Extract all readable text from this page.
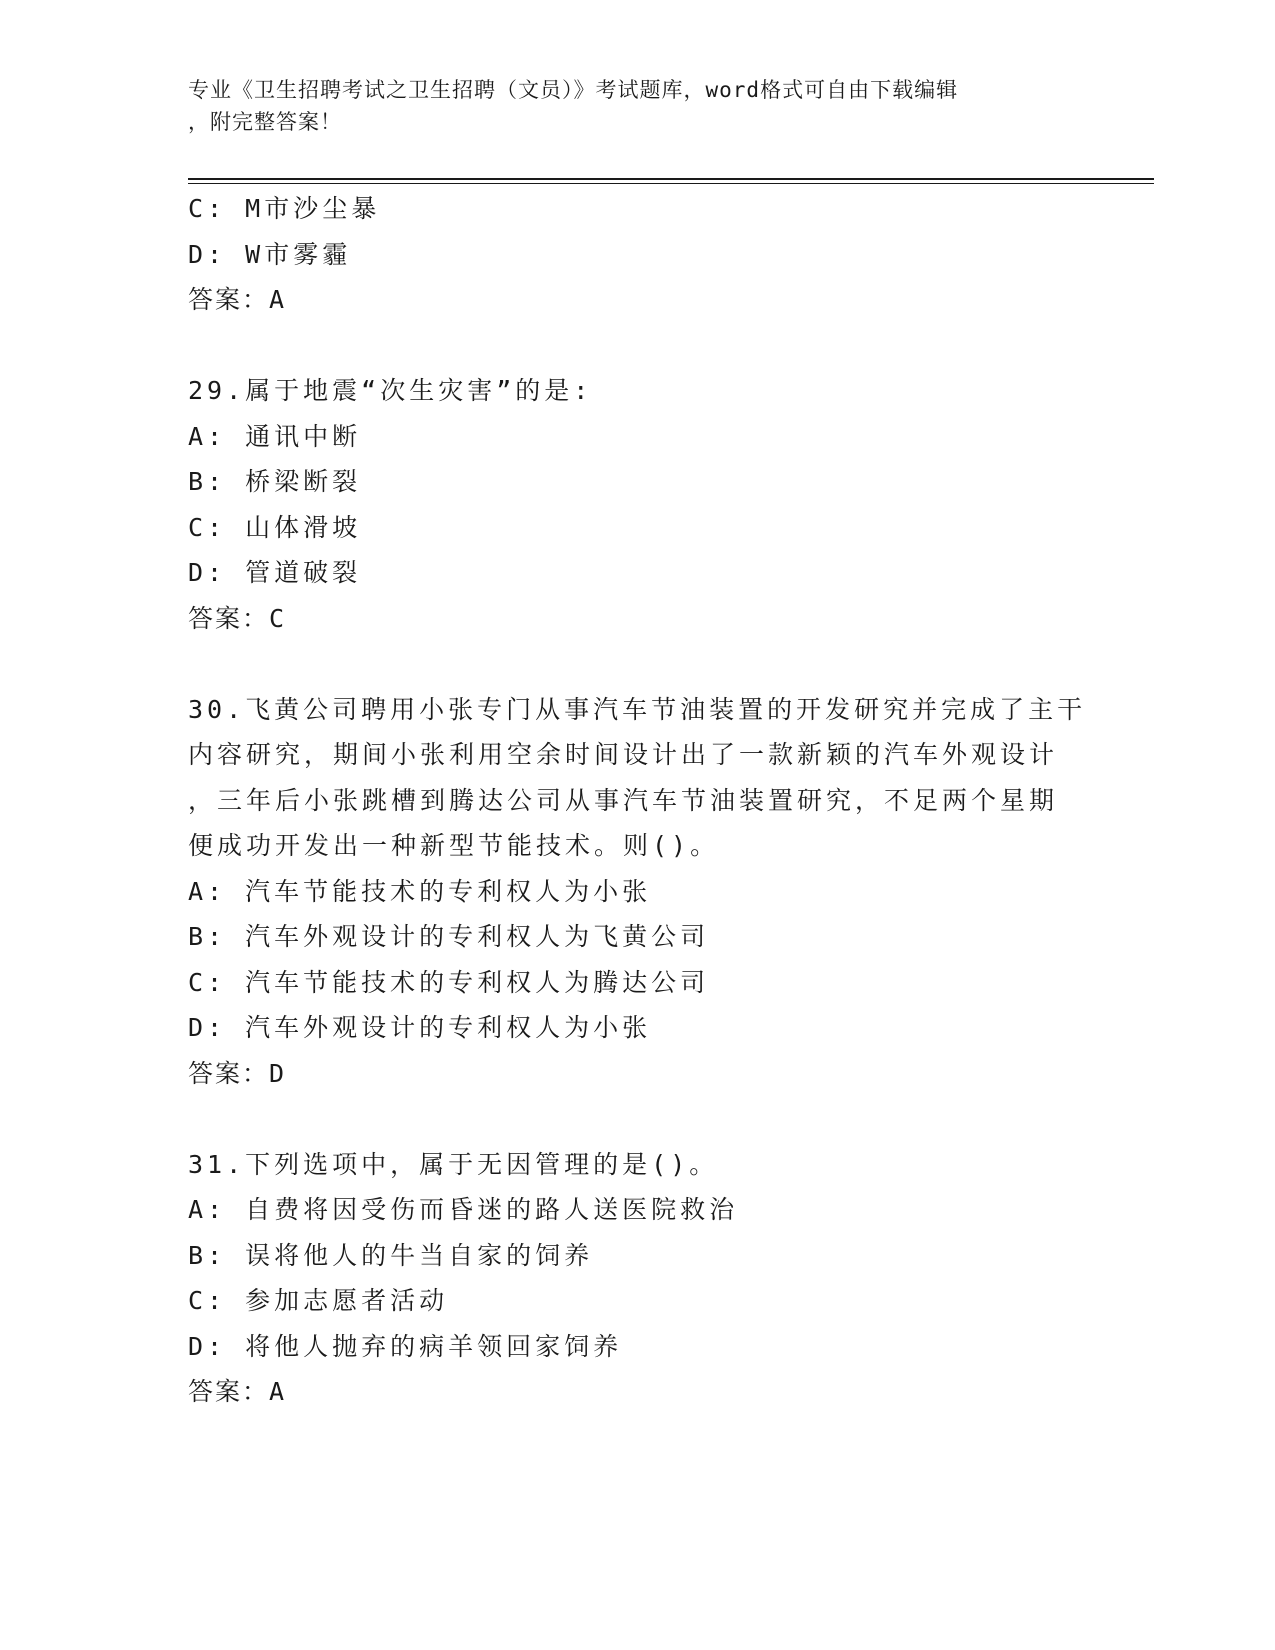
专业《卫生招聘考试之卫生招聘（文员）》考试题库，word格式可自由下载编辑
，附完整答案！
C: M市沙尘暴
D: W市雾霾
答案：A
29.属于地震“次生灾害”的是:
A: 通讯中断
B: 桥梁断裂
C: 山体滑坡
D: 管道破裂
答案：C
30.飞黄公司聘用小张专门从事汽车节油装置的开发研究并完成了主干
内容研究，期间小张利用空余时间设计出了一款新颖的汽车外观设计
，三年后小张跳槽到腾达公司从事汽车节油装置研究，不足两个星期
便成功开发出一种新型节能技术。则()。
A: 汽车节能技术的专利权人为小张
B: 汽车外观设计的专利权人为飞黄公司
C: 汽车节能技术的专利权人为腾达公司
D: 汽车外观设计的专利权人为小张
答案：D
31.下列选项中，属于无因管理的是()。
A: 自费将因受伤而昏迷的路人送医院救治
B: 误将他人的牛当自家的饲养
C: 参加志愿者活动
D: 将他人抛弃的病羊领回家饲养
答案：A
